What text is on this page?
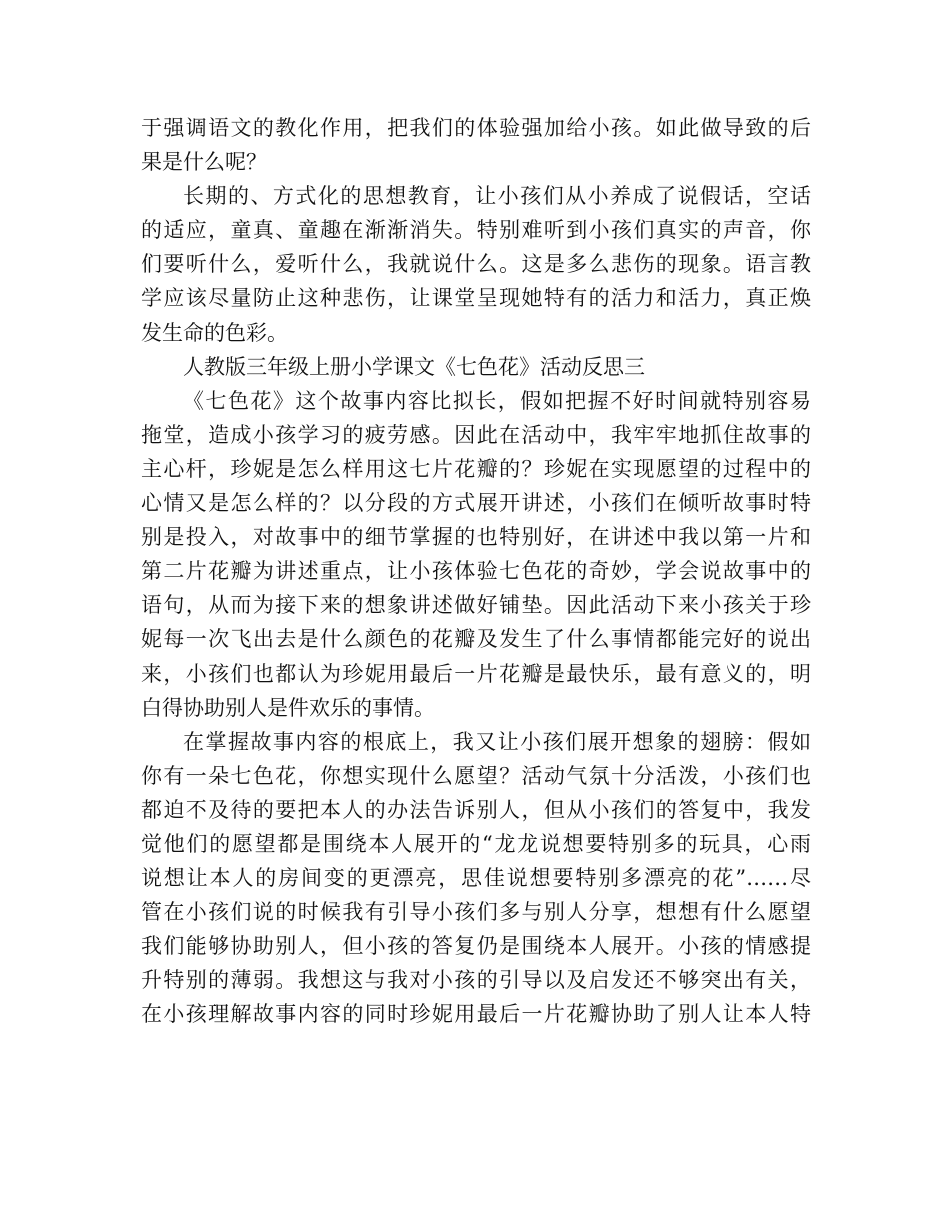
于强调语文的教化作用，把我们的体验强加给小孩。如此做导致的后
果是什么呢？
长期的、方式化的思想教育，让小孩们从小养成了说假话，空话
的适应，童真、童趣在渐渐消失。特别难听到小孩们真实的声音，你
们要听什么，爱听什么，我就说什么。这是多么悲伤的现象。语言教
学应该尽量防止这种悲伤，让课堂呈现她特有的活力和活力，真正焕
发生命的色彩。
人教版三年级上册小学课文《七色花》活动反思三
《七色花》这个故事内容比拟长，假如把握不好时间就特别容易
拖堂，造成小孩学习的疲劳感。因此在活动中，我牢牢地抓住故事的
主心杆，珍妮是怎么样用这七片花瓣的？珍妮在实现愿望的过程中的
心情又是怎么样的？以分段的方式展开讲述，小孩们在倾听故事时特
别是投入，对故事中的细节掌握的也特别好，在讲述中我以第一片和
第二片花瓣为讲述重点，让小孩体验七色花的奇妙，学会说故事中的
语句，从而为接下来的想象讲述做好铺垫。因此活动下来小孩关于珍
妮每一次飞出去是什么颜色的花瓣及发生了什么事情都能完好的说出
来，小孩们也都认为珍妮用最后一片花瓣是最快乐，最有意义的，明
白得协助别人是件欢乐的事情。
在掌握故事内容的根底上，我又让小孩们展开想象的翅膀：假如
你有一朵七色花，你想实现什么愿望？活动气氛十分活泼，小孩们也
都迫不及待的要把本人的办法告诉别人，但从小孩们的答复中，我发
觉他们的愿望都是围绕本人展开的“龙龙说想要特别多的玩具，心雨
说想让本人的房间变的更漂亮，思佳说想要特别多漂亮的花”……尽
管在小孩们说的时候我有引导小孩们多与别人分享，想想有什么愿望
我们能够协助别人，但小孩的答复仍是围绕本人展开。小孩的情感提
升特别的薄弱。我想这与我对小孩的引导以及启发还不够突出有关，
在小孩理解故事内容的同时珍妮用最后一片花瓣协助了别人让本人特
